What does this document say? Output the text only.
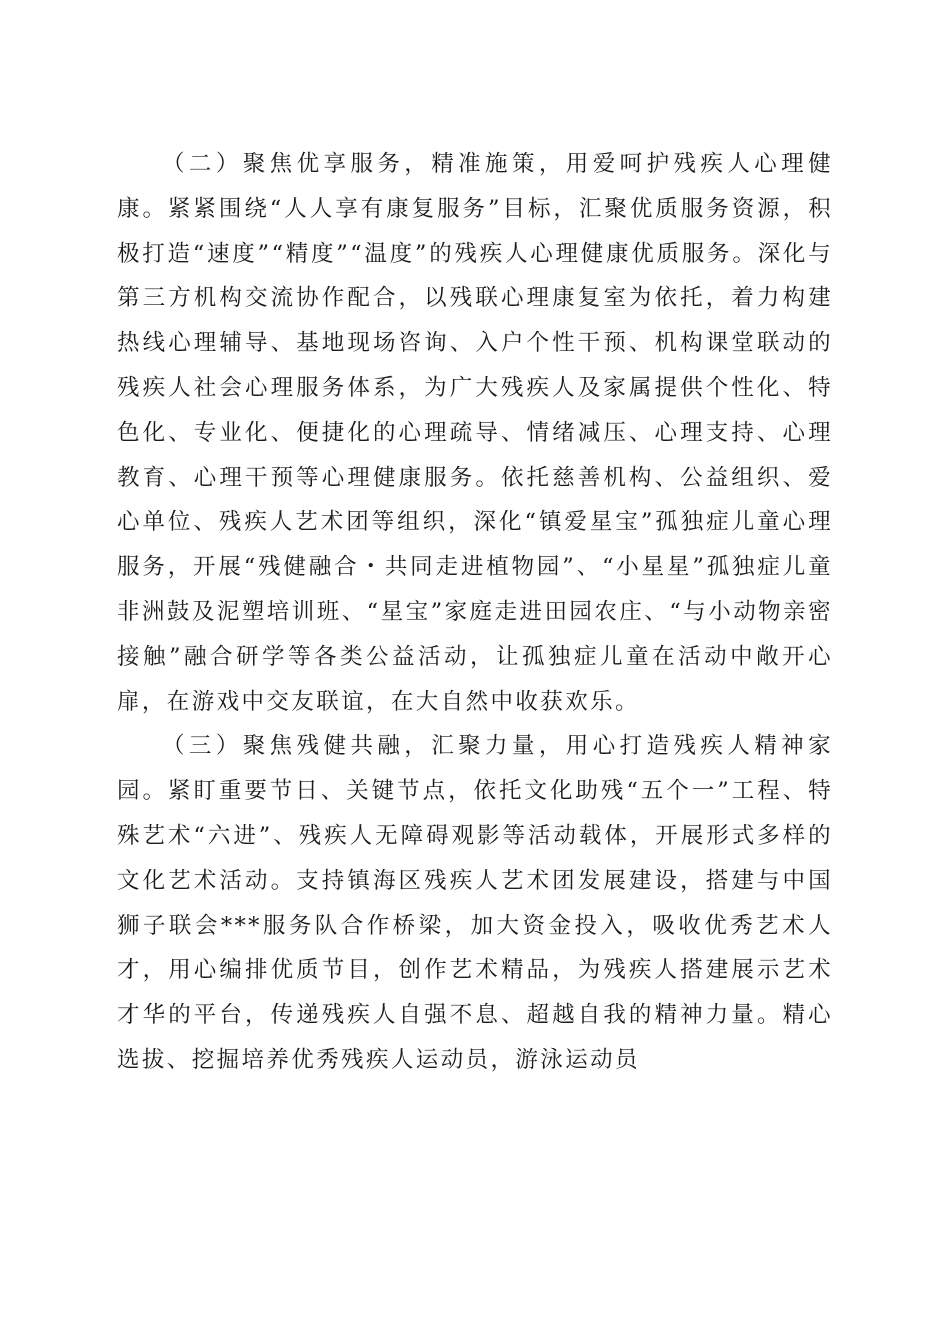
（二）聚焦优享服务，精准施策，用爱呵护残疾人心理健康。紧紧围绕“人人享有康复服务”目标，汇聚优质服务资源，积极打造“速度”“精度”“温度”的残疾人心理健康优质服务。深化与第三方机构交流协作配合，以残联心理康复室为依托，着力构建热线心理辅导、基地现场咨询、入户个性干预、机构课堂联动的残疾人社会心理服务体系，为广大残疾人及家属提供个性化、特色化、专业化、便捷化的心理疏导、情绪减压、心理支持、心理教育、心理干预等心理健康服务。依托慈善机构、公益组织、爱心单位、残疾人艺术团等组织，深化“镇爱星宝”孤独症儿童心理服务，开展“残健融合・共同走进植物园”、“小星星”孤独症儿童非洲鼓及泥塑培训班、“星宝”家庭走进田园农庄、“与小动物亲密接触”融合研学等各类公益活动，让孤独症儿童在活动中敞开心扉，在游戏中交友联谊，在大自然中收获欢乐。

（三）聚焦残健共融，汇聚力量，用心打造残疾人精神家园。紧盯重要节日、关键节点，依托文化助残“五个一”工程、特殊艺术“六进”、残疾人无障碍观影等活动载体，开展形式多样的文化艺术活动。支持镇海区残疾人艺术团发展建设，搭建与中国狮子联会***服务队合作桥梁，加大资金投入，吸收优秀艺术人才，用心编排优质节目，创作艺术精品，为残疾人搭建展示艺术才华的平台，传递残疾人自强不息、超越自我的精神力量。精心选拔、挖掘培养优秀残疾人运动员，游泳运动员
